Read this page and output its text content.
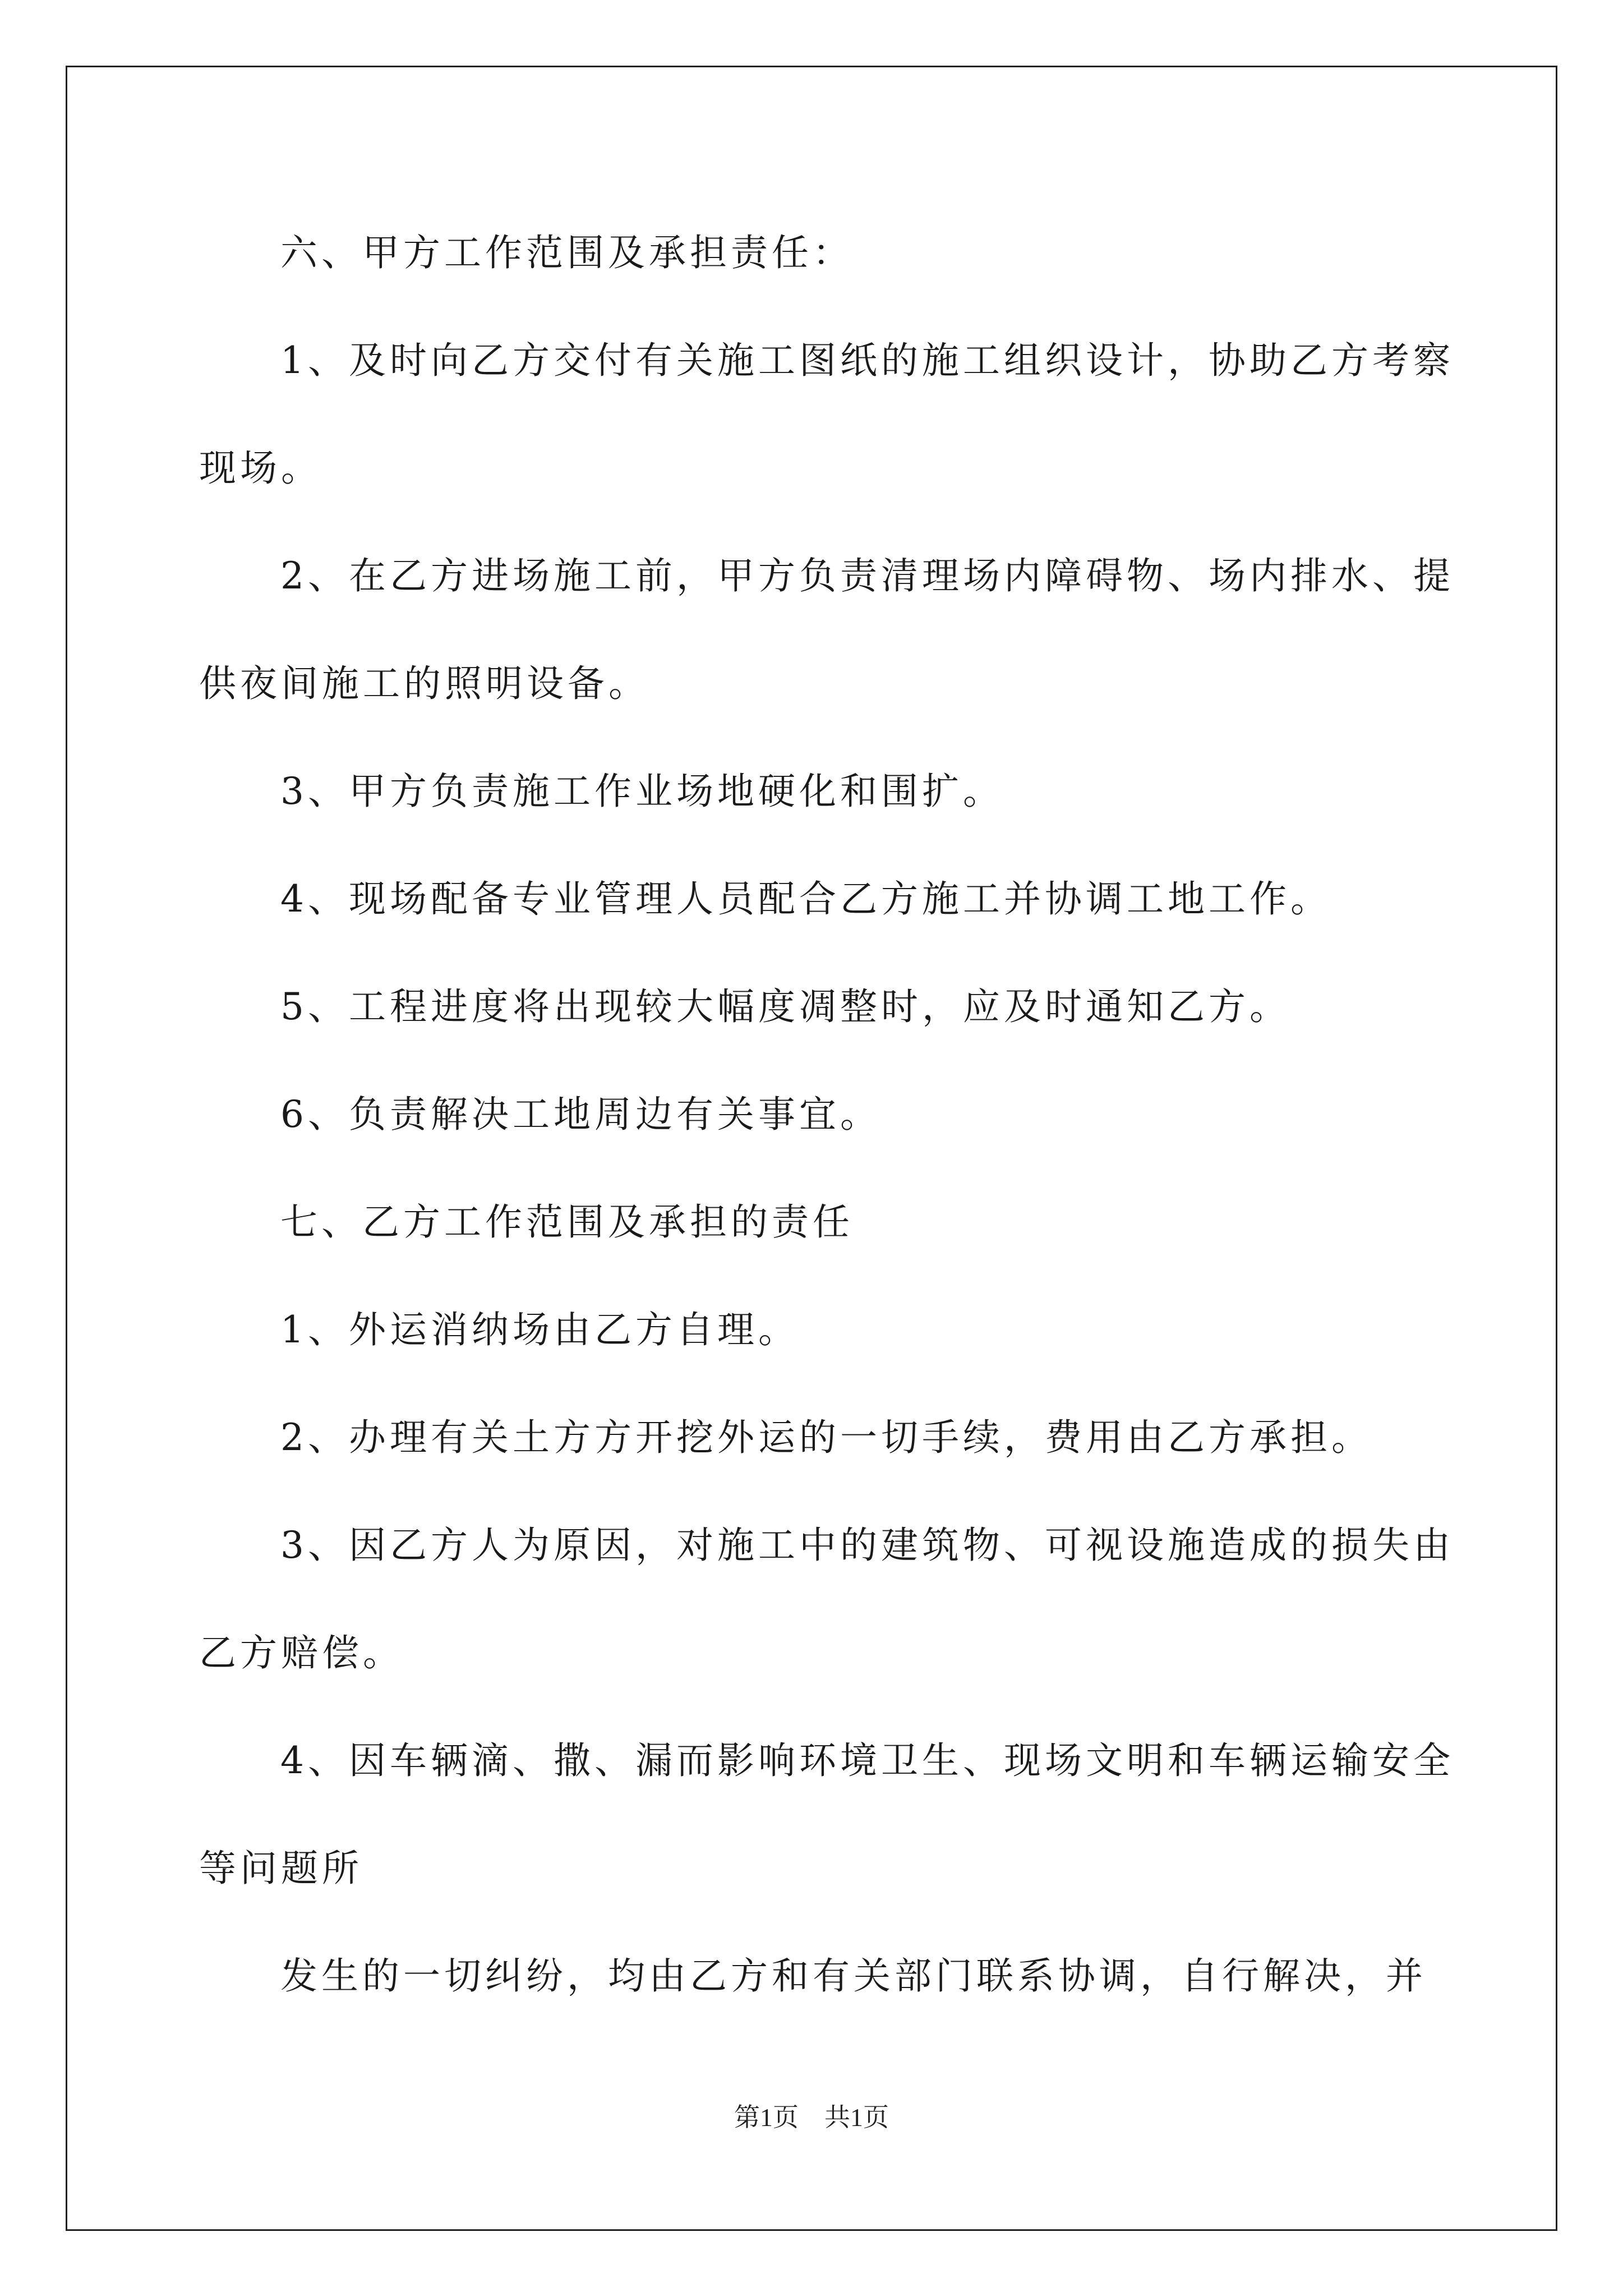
六、甲方工作范围及承担责任：

1、及时向乙方交付有关施工图纸的施工组织设计，协助乙方考察

现场。

2、在乙方进场施工前，甲方负责清理场内障碍物、场内排水、提

供夜间施工的照明设备。

3、甲方负责施工作业场地硬化和围扩。

4、现场配备专业管理人员配合乙方施工并协调工地工作。

5、工程进度将出现较大幅度凋整时，应及时通知乙方。

6、负责解决工地周边有关事宜。

七、乙方工作范围及承担的责任

1、外运消纳场由乙方自理。

2、办理有关土方方开挖外运的一切手续，费用由乙方承担。

3、因乙方人为原因，对施工中的建筑物、可视设施造成的损失由

乙方赔偿。

4、因车辆滴、撒、漏而影响环境卫生、现场文明和车辆运输安全

等问题所

发生的一切纠纷，均由乙方和有关部门联系协调，自行解决，并

第1页    共1页
